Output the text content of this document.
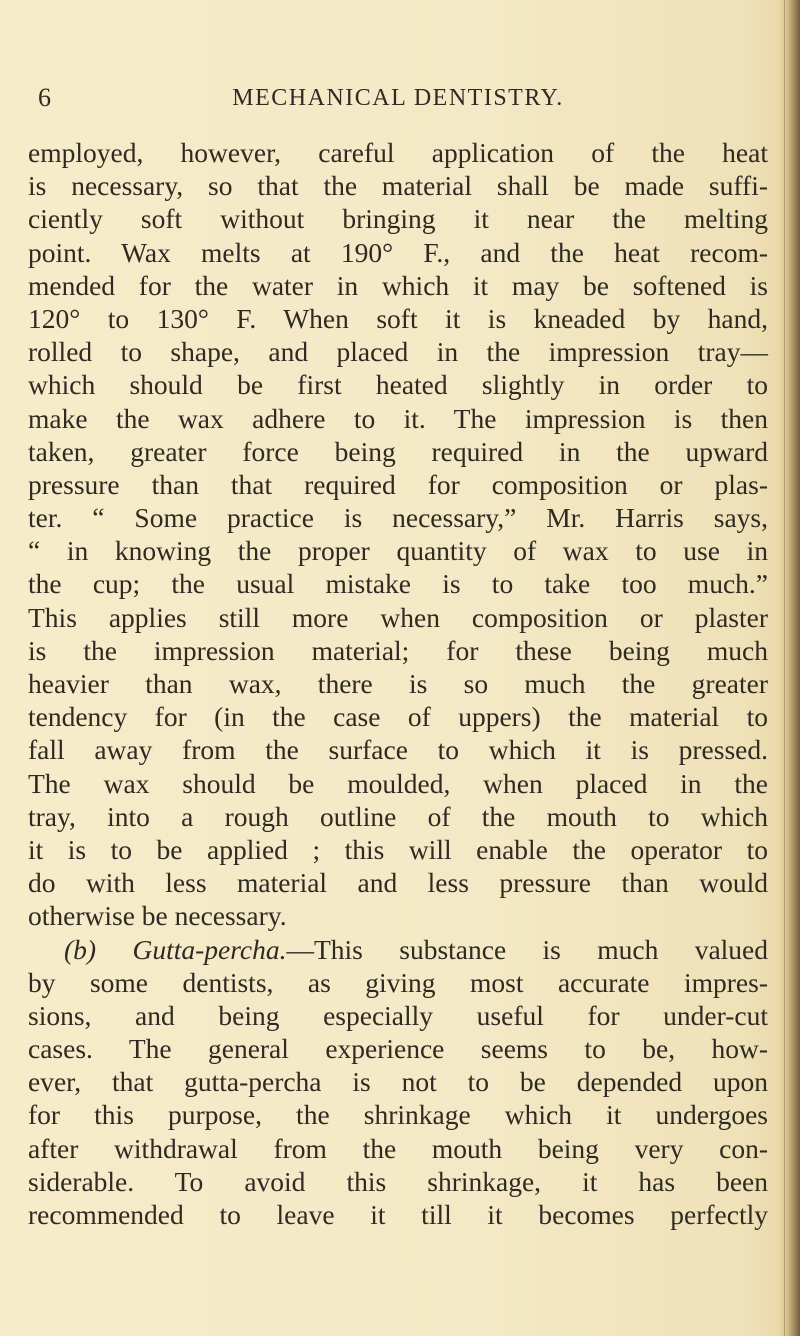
6	MECHANICAL DENTISTRY.
employed, however, careful application of the heat
is necessary, so that the material shall be made suffi-
ciently soft without bringing it near the melting
point. Wax melts at 190° F., and the heat recom-
mended for the water in which it may be softened is
120° to 130° F. When soft it is kneaded by hand,
rolled to shape, and placed in the impression tray—
which should be first heated slightly in order to
make the wax adhere to it. The impression is then
taken, greater force being required in the upward
pressure than that required for composition or plas-
ter. “ Some practice is necessary,” Mr. Harris says,
“ in knowing the proper quantity of wax to use in
the cup; the usual mistake is to take too much.”
This applies still more when composition or plaster
is the impression material; for these being much
heavier than wax, there is so much the greater
tendency for (in the case of uppers) the material to
fall away from the surface to which it is pressed.
The wax should be moulded, when placed in the
tray, into a rough outline of the mouth to which
it is to be applied ; this will enable the operator to
do with less material and less pressure than would
otherwise be necessary.
(b) Gutta-percha.—This substance is much valued
by some dentists, as giving most accurate impres-
sions, and being especially useful for under-cut
cases. The general experience seems to be, how-
ever, that gutta-percha is not to be depended upon
for this purpose, the shrinkage which it undergoes
after withdrawal from the mouth being very con-
siderable. To avoid this shrinkage, it has been
recommended to leave it till it becomes perfectly
